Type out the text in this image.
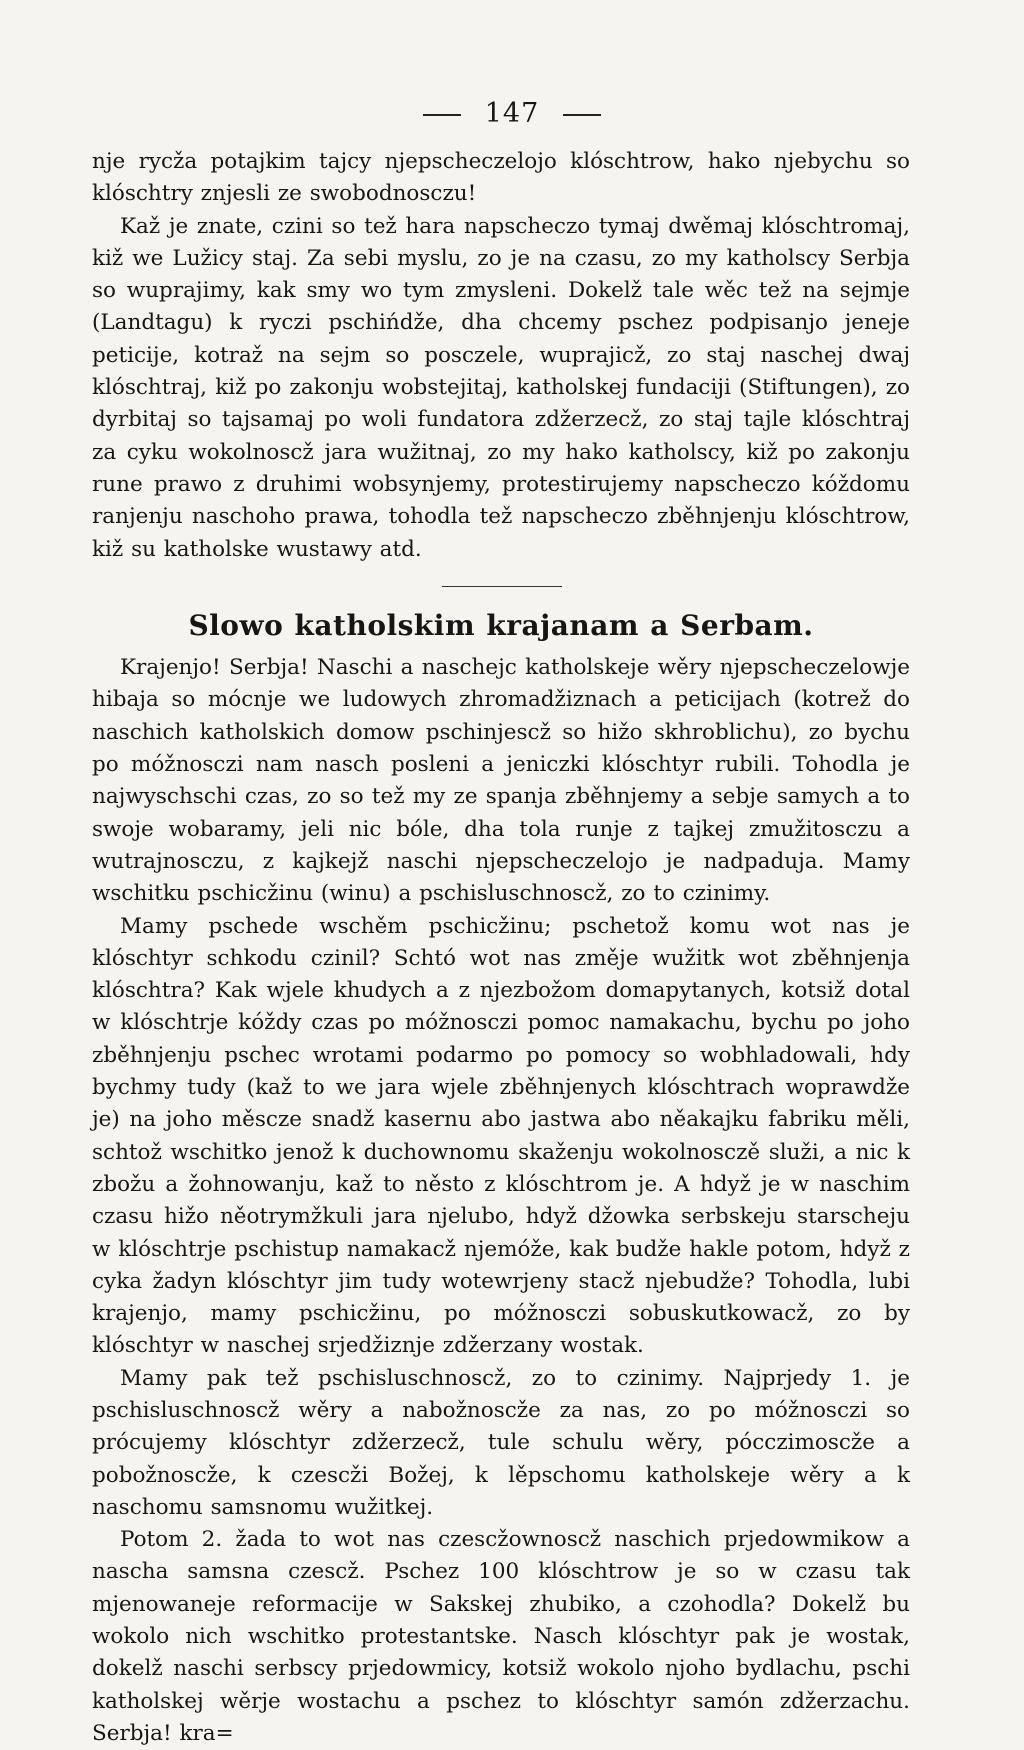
147

nje rycža potajkim tajcy njepscheczelojo klóschtrow, hako njebychu so klóschtry znjesli ze swobodnosczu!

Kaž je znate, czini so tež hara napscheczo tymaj dwěmaj klóschtromaj, kiž we Lužicy staj. Za sebi myslu, zo je na czasu, zo my katholscy Serbja so wuprajimy, kak smy wo tym zmysleni. Dokelž tale wěc tež na sejmje (Landtagu) k ryczi pschińdže, dha chcemy pschez podpisanjo jeneje peticije, kotraž na sejm so posczele, wuprajicž, zo staj naschej dwaj klóschtraj, kiž po zakonju wobstejitaj, katholskej fundaciji (Stiftungen), zo dyrbitaj so tajsamaj po woli fundatora zdžerzecž, zo staj tajle klóschtraj za cyku wokolnoscž jara wužitnaj, zo my hako katholscy, kiž po zakonju rune prawo z druhimi wobsynjemy, protestirujemy napscheczo kóždomu ranjenju naschoho prawa, tohodla tež napscheczo zběhnjenju klóschtrow, kiž su katholske wustawy atd.

Slowo katholskim krajanam a Serbam.

Krajenjo! Serbja! Naschi a naschejc katholskeje wěry njepscheczelowje hibaja so mócnje we ludowych zhromadžiznach a peticijach (kotrež do naschich katholskich domow pschinjescž so hižo skhroblichu), zo bychu po móžnosczi nam nasch posleni a jeniczki klóschtyr rubili. Tohodla je najwyschschi czas, zo so tež my ze spanja zběhnjemy a sebje samych a to swoje wobaramy, jeli nic bóle, dha tola runje z tajkej zmužitosczu a wutrajnosczu, z kajkejž naschi njepscheczelojo je nadpaduja. Mamy wschitku pschicžinu (winu) a pschisluschnoscž, zo to czinimy.

Mamy pschede wschěm pschicžinu; pschetož komu wot nas je klóschtyr schkodu czinil? Schtó wot nas změje wužitk wot zběhnjenja klóschtra? Kak wjele khudych a z njezbožom domapytanych, kotsiž dotal w klóschtrje kóždy czas po móžnosczi pomoc namakachu, bychu po joho zběhnjenju pschec wrotami podarmo po pomocy so wobhladowali, hdy bychmy tudy (kaž to we jara wjele zběhnjenych klóschtrach woprawdže je) na joho měscze snadž kasernu abo jastwa abo něakajku fabriku měli, schtož wschitko jenož k duchownomu skaženju wokolnosczě služi, a nic k zbožu a žohnowanju, kaž to něsto z klóschtrom je. A hdyž je w naschim czasu hižo něotrymžkuli jara njelubo, hdyž džowka serbskeju starscheju w klóschtrje pschistup namakacž njemóže, kak budže hakle potom, hdyž z cyka žadyn klóschtyr jim tudy wotewrjeny stacž njebudže? Tohodla, lubi krajenjo, mamy pschicžinu, po móžnosczi sobuskutkowacž, zo by klóschtyr w naschej srjedžiznje zdžerzany wostak.

Mamy pak tež pschisluschnoscž, zo to czinimy. Najprjedy 1. je pschisluschnoscž wěry a nabožnoscže za nas, zo po móžnosczi so prócujemy klóschtyr zdžerzecž, tule schulu wěry, pócczimoscže a pobožnoscže, k czescži Božej, k lěpschomu katholskeje wěry a k naschomu samsnomu wužitkej.

Potom 2. žada to wot nas czescžownoscž naschich prjedowmikow a nascha samsna czescž. Pschez 100 klóschtrow je so w czasu tak mjenowaneje reformacije w Sakskej zhubiko, a czohodla? Dokelž bu wokolo nich wschitko protestantske. Nasch klóschtyr pak je wostak, dokelž naschi serbscy prjedowmicy, kotsiž wokolo njoho bydlachu, pschi katholskej wěrje wostachu a pschez to klóschtyr samón zdžerzachu. Serbja! kra=
